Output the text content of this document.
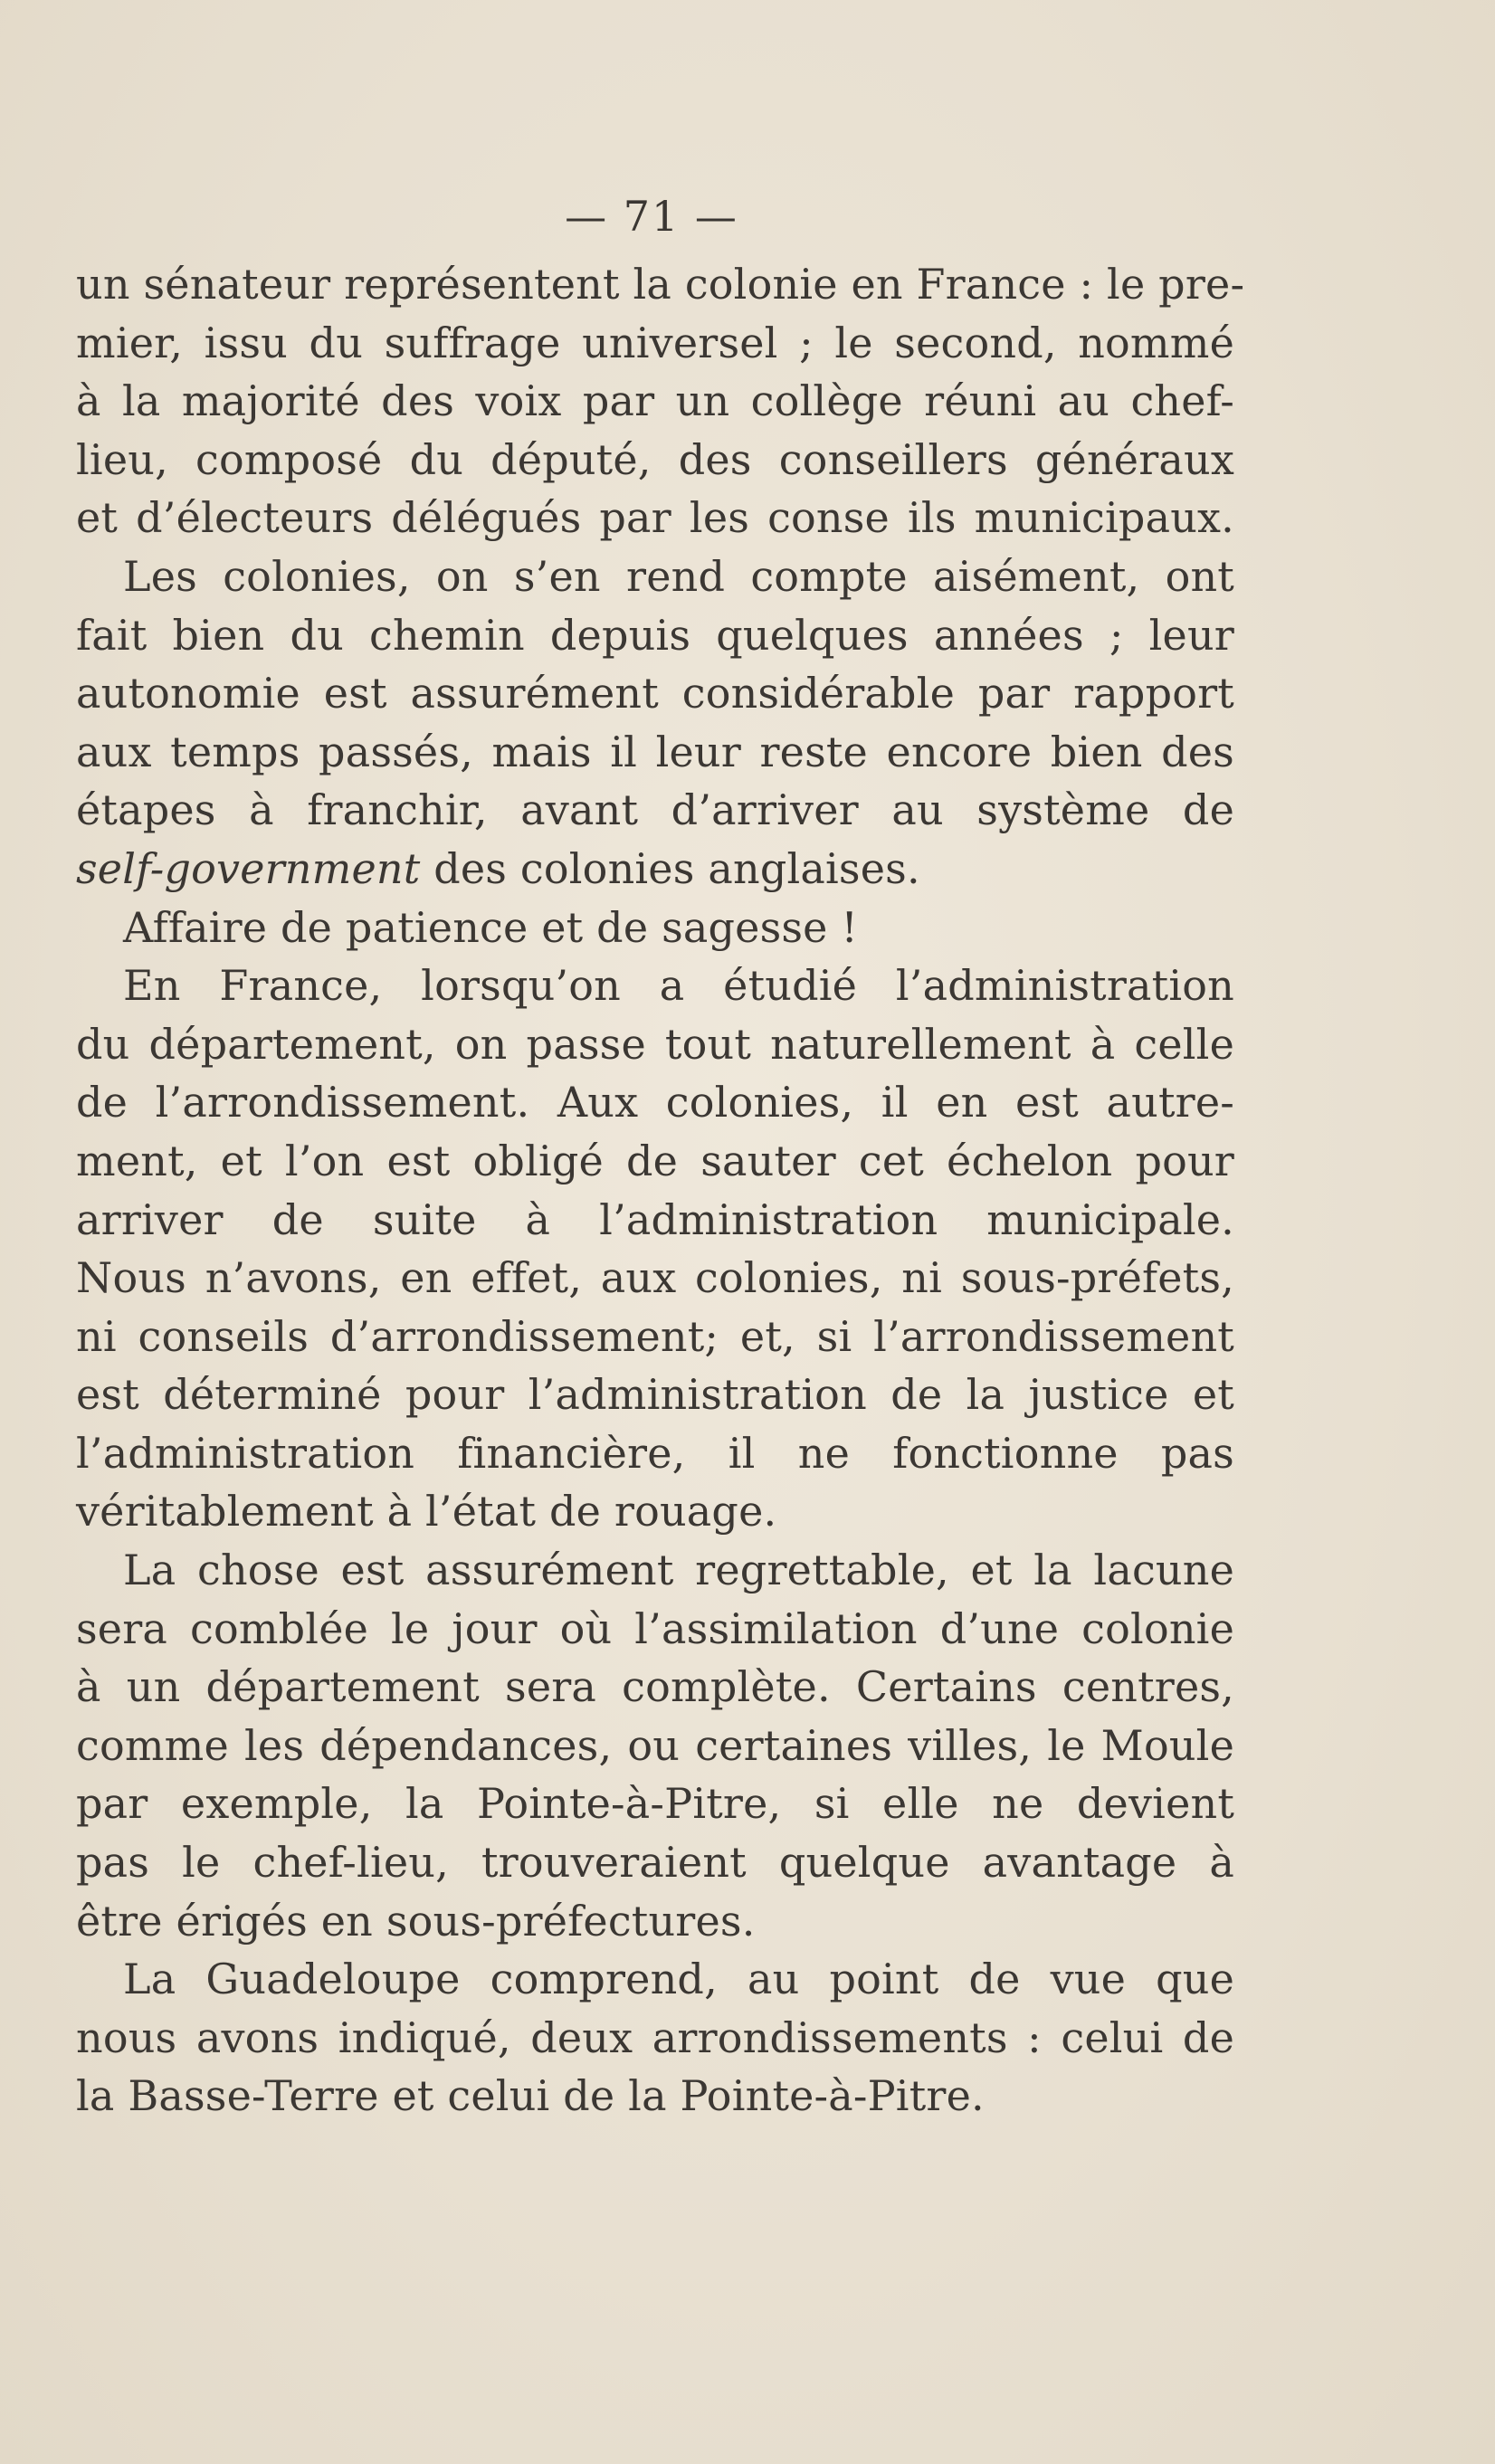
— 71 —
un sénateur représentent la colonie en France : le pre-
mier, issu du suffrage universel ; le second, nommé
à la majorité des voix par un collège réuni au chef-
lieu, composé du député, des conseillers généraux
et d’électeurs délégués par les conse ils municipaux.
Les colonies, on s’en rend compte aisément, ont
fait bien du chemin depuis quelques années ; leur
autonomie est assurément considérable par rapport
aux temps passés, mais il leur reste encore bien des
étapes à franchir, avant d’arriver au système de
self-government des colonies anglaises.
Affaire de patience et de sagesse !
En France, lorsqu’on a étudié l’administration
du département, on passe tout naturellement à celle
de l’arrondissement. Aux colonies, il en est autre-
ment, et l’on est obligé de sauter cet échelon pour
arriver de suite à l’administration municipale.
Nous n’avons, en effet, aux colonies, ni sous-préfets,
ni conseils d’arrondissement; et, si l’arrondissement
est déterminé pour l’administration de la justice et
l’administration financière, il ne fonctionne pas
véritablement à l’état de rouage.
La chose est assurément regrettable, et la lacune
sera comblée le jour où l’assimilation d’une colonie
à un département sera complète. Certains centres,
comme les dépendances, ou certaines villes, le Moule
par exemple, la Pointe-à-Pitre, si elle ne devient
pas le chef-lieu, trouveraient quelque avantage à
être érigés en sous-préfectures.
La Guadeloupe comprend, au point de vue que
nous avons indiqué, deux arrondissements : celui de
la Basse-Terre et celui de la Pointe-à-Pitre.
